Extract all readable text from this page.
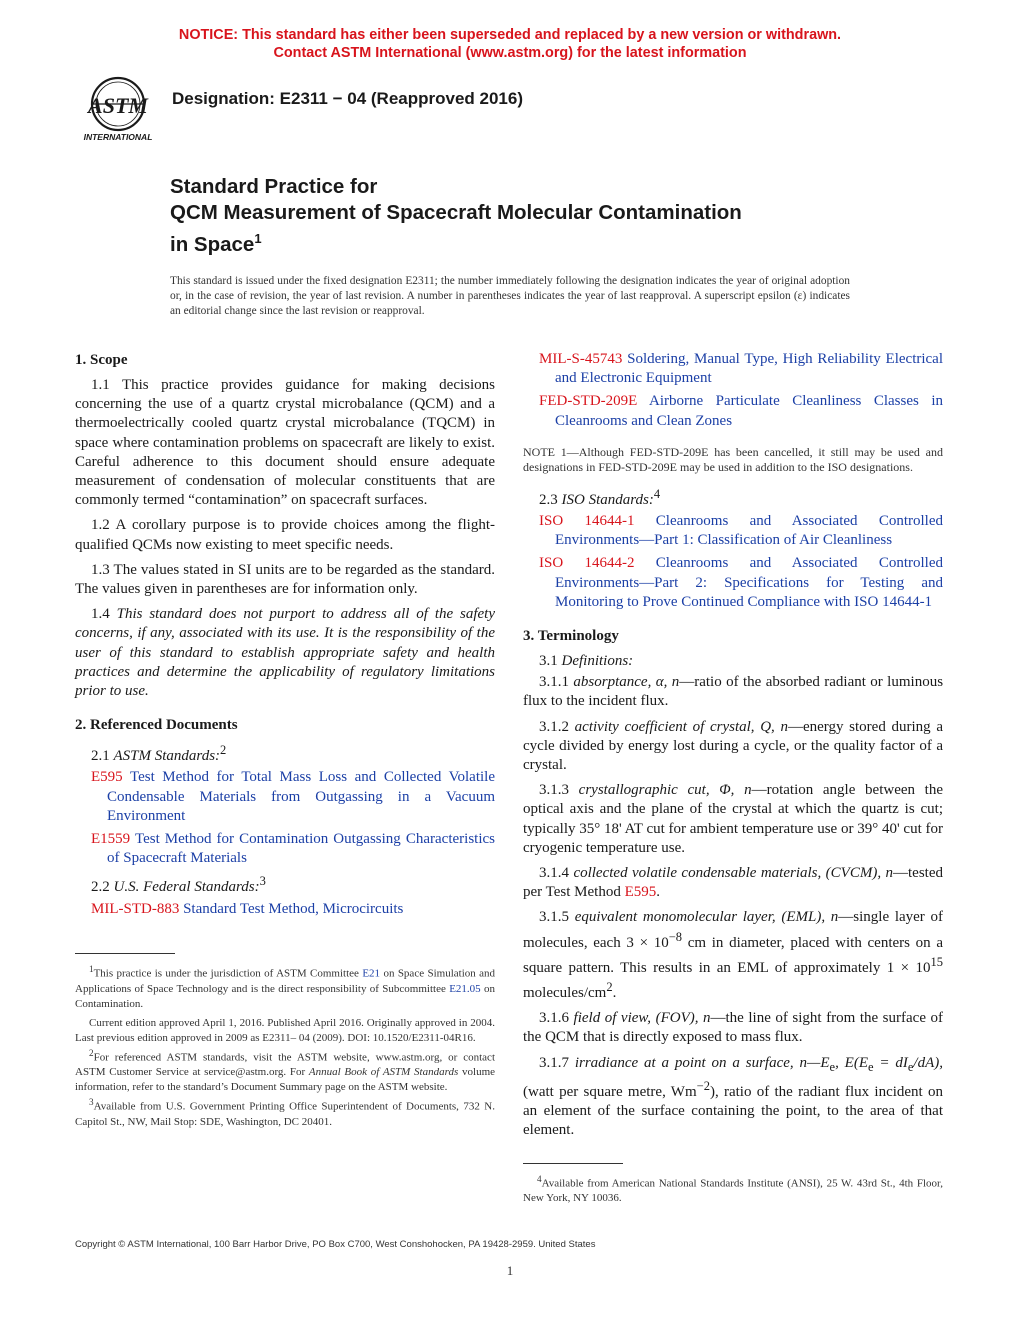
NOTICE: This standard has either been superseded and replaced by a new version or withdrawn.
Contact ASTM International (www.astm.org) for the latest information
ASTM
INTERNATIONAL
Designation: E2311 − 04 (Reapproved 2016)
Standard Practice for
QCM Measurement of Spacecraft Molecular Contamination
in Space$^1$
This standard is issued under the fixed designation E2311; the number immediately following the designation indicates the year of original adoption or, in the case of revision, the year of last revision. A number in parentheses indicates the year of last reapproval. A superscript epsilon (ε) indicates an editorial change since the last revision or reapproval.
1. Scope
1.1 This practice provides guidance for making decisions concerning the use of a quartz crystal microbalance (QCM) and a thermoelectrically cooled quartz crystal microbalance (TQCM) in space where contamination problems on spacecraft are likely to exist. Careful adherence to this document should ensure adequate measurement of condensation of molecular constituents that are commonly termed “contamination” on spacecraft surfaces.
1.2 A corollary purpose is to provide choices among the flight-qualified QCMs now existing to meet specific needs.
1.3 The values stated in SI units are to be regarded as the standard. The values given in parentheses are for information only.
1.4 This standard does not purport to address all of the safety concerns, if any, associated with its use. It is the responsibility of the user of this standard to establish appropriate safety and health practices and determine the applicability of regulatory limitations prior to use.
2. Referenced Documents
2.1 ASTM Standards:$^2$
E595 Test Method for Total Mass Loss and Collected Volatile Condensable Materials from Outgassing in a Vacuum Environment
E1559 Test Method for Contamination Outgassing Characteristics of Spacecraft Materials
2.2 U.S. Federal Standards:$^3$
MIL-STD-883 Standard Test Method, Microcircuits
$^1$This practice is under the jurisdiction of ASTM Committee E21 on Space Simulation and Applications of Space Technology and is the direct responsibility of Subcommittee E21.05 on Contamination.
Current edition approved April 1, 2016. Published April 2016. Originally approved in 2004. Last previous edition approved in 2009 as E2311– 04 (2009). DOI: 10.1520/E2311-04R16.
$^2$For referenced ASTM standards, visit the ASTM website, www.astm.org, or contact ASTM Customer Service at service@astm.org. For Annual Book of ASTM Standards volume information, refer to the standard’s Document Summary page on the ASTM website.
$^3$Available from U.S. Government Printing Office Superintendent of Documents, 732 N. Capitol St., NW, Mail Stop: SDE, Washington, DC 20401.
MIL-S-45743 Soldering, Manual Type, High Reliability Electrical and Electronic Equipment
FED-STD-209E Airborne Particulate Cleanliness Classes in Cleanrooms and Clean Zones
NOTE 1—Although FED-STD-209E has been cancelled, it still may be used and designations in FED-STD-209E may be used in addition to the ISO designations.
2.3 ISO Standards:$^4$
ISO 14644-1 Cleanrooms and Associated Controlled Environments—Part 1: Classification of Air Cleanliness
ISO 14644-2 Cleanrooms and Associated Controlled Environments—Part 2: Specifications for Testing and Monitoring to Prove Continued Compliance with ISO 14644-1
3. Terminology
3.1 Definitions:
3.1.1 absorptance, α, n—ratio of the absorbed radiant or luminous flux to the incident flux.
3.1.2 activity coefficient of crystal, Q, n—energy stored during a cycle divided by energy lost during a cycle, or the quality factor of a crystal.
3.1.3 crystallographic cut, Φ, n—rotation angle between the optical axis and the plane of the crystal at which the quartz is cut; typically 35° 18' AT cut for ambient temperature use or 39° 40' cut for cryogenic temperature use.
3.1.4 collected volatile condensable materials, (CVCM), n—tested per Test Method E595.
3.1.5 equivalent monomolecular layer, (EML), n—single layer of molecules, each $3 \times 10^{-8}$ cm in diameter, placed with centers on a square pattern. This results in an EML of approximately $1 \times 10^{15}$ molecules/$cm^2$.
3.1.6 field of view, (FOV), n—the line of sight from the surface of the QCM that is directly exposed to mass flux.
3.1.7 irradiance at a point on a surface, $n—E_e$, $E(E_e = dI_e/dA)$, (watt per square metre, $Wm^{-2}$), ratio of the radiant flux incident on an element of the surface containing the point, to the area of that element.
$^4$Available from American National Standards Institute (ANSI), 25 W. 43rd St., 4th Floor, New York, NY 10036.
Copyright © ASTM International, 100 Barr Harbor Drive, PO Box C700, West Conshohocken, PA 19428-2959. United States
1
